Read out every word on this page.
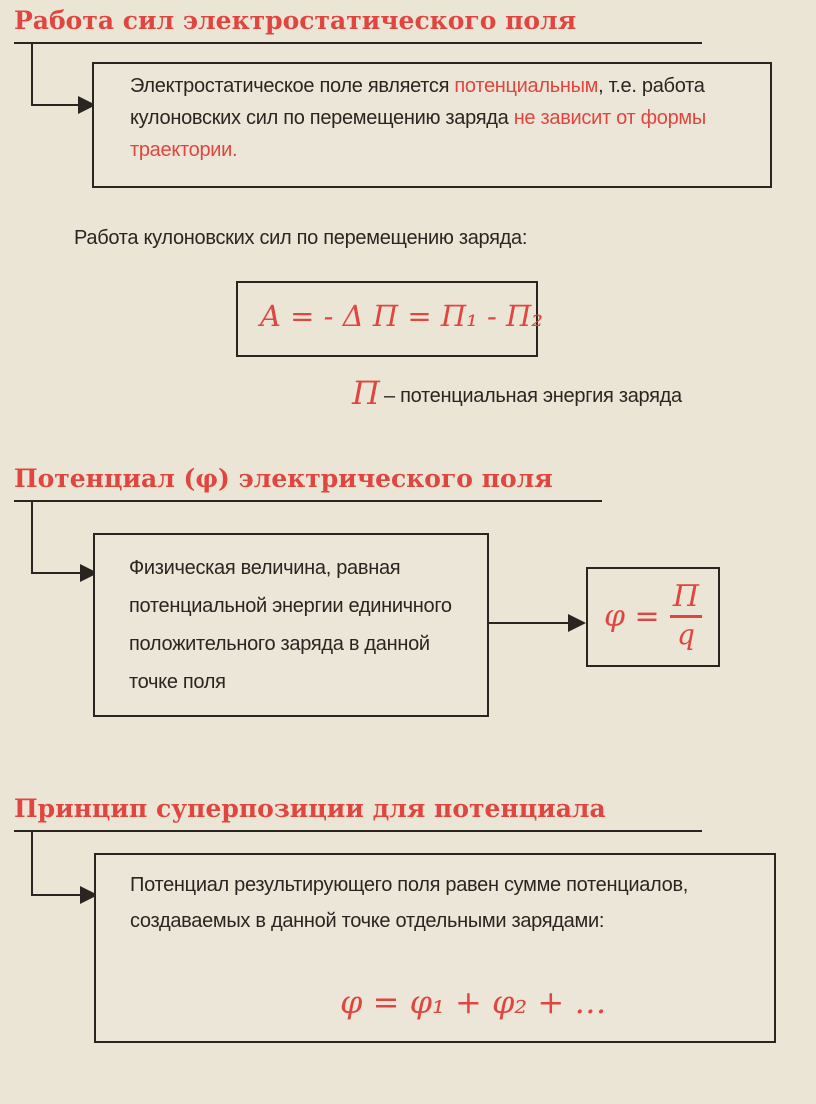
Работа сил электростатического поля
Электростатическое поле является потенциальным, т.е. работа кулоновских сил по перемещению заряда не зависит от формы траектории.
Работа кулоновских сил по перемещению заряда:
A = - Δ П = П₁ - П₂
П – потенциальная энергия заряда
Потенциал (φ) электрического поля
Физическая величина, равная потенциальной энергии единичного положительного заряда в данной точке поля
φ =
П
q
Принцип суперпозиции для потенциала
Потенциал результирующего поля равен сумме потенциалов, создаваемых в данной точке отдельными зарядами:
φ = φ₁ + φ₂ + …
